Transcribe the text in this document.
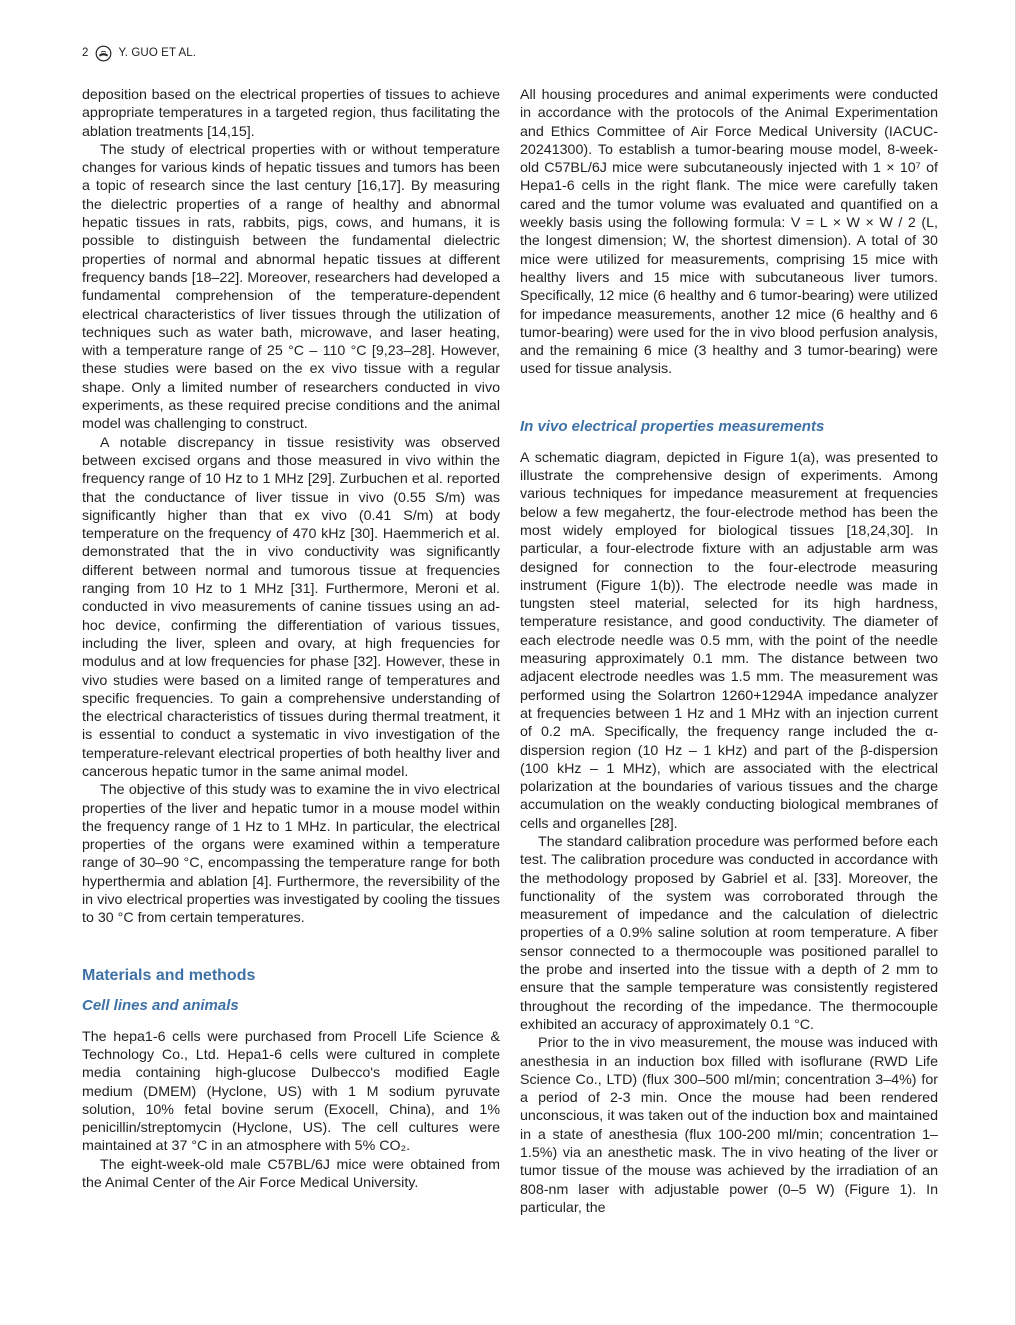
2	Y. GUO ET AL.

deposition based on the electrical properties of tissues to achieve appropriate temperatures in a targeted region, thus facilitating the ablation treatments [14,15].

The study of electrical properties with or without temperature changes for various kinds of hepatic tissues and tumors has been a topic of research since the last century [16,17]. By measuring the dielectric properties of a range of healthy and abnormal hepatic tissues in rats, rabbits, pigs, cows, and humans, it is possible to distinguish between the fundamental dielectric properties of normal and abnormal hepatic tissues at different frequency bands [18–22]. Moreover, researchers had developed a fundamental comprehension of the temperature-dependent electrical characteristics of liver tissues through the utilization of techniques such as water bath, microwave, and laser heating, with a temperature range of 25 °C – 110 °C [9,23–28]. However, these studies were based on the ex vivo tissue with a regular shape. Only a limited number of researchers conducted in vivo experiments, as these required precise conditions and the animal model was challenging to construct.

A notable discrepancy in tissue resistivity was observed between excised organs and those measured in vivo within the frequency range of 10 Hz to 1 MHz [29]. Zurbuchen et al. reported that the conductance of liver tissue in vivo (0.55 S/m) was significantly higher than that ex vivo (0.41 S/m) at body temperature on the frequency of 470 kHz [30]. Haemmerich et al. demonstrated that the in vivo conductivity was significantly different between normal and tumorous tissue at frequencies ranging from 10 Hz to 1 MHz [31]. Furthermore, Meroni et al. conducted in vivo measurements of canine tissues using an ad-hoc device, confirming the differentiation of various tissues, including the liver, spleen and ovary, at high frequencies for modulus and at low frequencies for phase [32]. However, these in vivo studies were based on a limited range of temperatures and specific frequencies. To gain a comprehensive understanding of the electrical characteristics of tissues during thermal treatment, it is essential to conduct a systematic in vivo investigation of the temperature-relevant electrical properties of both healthy liver and cancerous hepatic tumor in the same animal model.

The objective of this study was to examine the in vivo electrical properties of the liver and hepatic tumor in a mouse model within the frequency range of 1 Hz to 1 MHz. In particular, the electrical properties of the organs were examined within a temperature range of 30–90 °C, encompassing the temperature range for both hyperthermia and ablation [4]. Furthermore, the reversibility of the in vivo electrical properties was investigated by cooling the tissues to 30 °C from certain temperatures.

Materials and methods
Cell lines and animals

The hepa1-6 cells were purchased from Procell Life Science & Technology Co., Ltd. Hepa1-6 cells were cultured in complete media containing high-glucose Dulbecco's modified Eagle medium (DMEM) (Hyclone, US) with 1 M sodium pyruvate solution, 10% fetal bovine serum (Exocell, China), and 1% penicillin/streptomycin (Hyclone, US). The cell cultures were maintained at 37 °C in an atmosphere with 5% CO₂.

The eight-week-old male C57BL/6J mice were obtained from the Animal Center of the Air Force Medical University.

All housing procedures and animal experiments were conducted in accordance with the protocols of the Animal Experimentation and Ethics Committee of Air Force Medical University (IACUC-20241300). To establish a tumor-bearing mouse model, 8-week-old C57BL/6J mice were subcutaneously injected with 1 × 10⁷ of Hepa1-6 cells in the right flank. The mice were carefully taken cared and the tumor volume was evaluated and quantified on a weekly basis using the following formula: V = L × W × W / 2 (L, the longest dimension; W, the shortest dimension). A total of 30 mice were utilized for measurements, comprising 15 mice with healthy livers and 15 mice with subcutaneous liver tumors. Specifically, 12 mice (6 healthy and 6 tumor-bearing) were utilized for impedance measurements, another 12 mice (6 healthy and 6 tumor-bearing) were used for the in vivo blood perfusion analysis, and the remaining 6 mice (3 healthy and 3 tumor-bearing) were used for tissue analysis.

In vivo electrical properties measurements

A schematic diagram, depicted in Figure 1(a), was presented to illustrate the comprehensive design of experiments. Among various techniques for impedance measurement at frequencies below a few megahertz, the four-electrode method has been the most widely employed for biological tissues [18,24,30]. In particular, a four-electrode fixture with an adjustable arm was designed for connection to the four-electrode measuring instrument (Figure 1(b)). The electrode needle was made in tungsten steel material, selected for its high hardness, temperature resistance, and good conductivity. The diameter of each electrode needle was 0.5 mm, with the point of the needle measuring approximately 0.1 mm. The distance between two adjacent electrode needles was 1.5 mm. The measurement was performed using the Solartron 1260+1294A impedance analyzer at frequencies between 1 Hz and 1 MHz with an injection current of 0.2 mA. Specifically, the frequency range included the α-dispersion region (10 Hz – 1 kHz) and part of the β-dispersion (100 kHz – 1 MHz), which are associated with the electrical polarization at the boundaries of various tissues and the charge accumulation on the weakly conducting biological membranes of cells and organelles [28].

The standard calibration procedure was performed before each test. The calibration procedure was conducted in accordance with the methodology proposed by Gabriel et al. [33]. Moreover, the functionality of the system was corroborated through the measurement of impedance and the calculation of dielectric properties of a 0.9% saline solution at room temperature. A fiber sensor connected to a thermocouple was positioned parallel to the probe and inserted into the tissue with a depth of 2 mm to ensure that the sample temperature was consistently registered throughout the recording of the impedance. The thermocouple exhibited an accuracy of approximately 0.1 °C.

Prior to the in vivo measurement, the mouse was induced with anesthesia in an induction box filled with isoflurane (RWD Life Science Co., LTD) (flux 300–500 ml/min; concentration 3–4%) for a period of 2-3 min. Once the mouse had been rendered unconscious, it was taken out of the induction box and maintained in a state of anesthesia (flux 100-200 ml/min; concentration 1–1.5%) via an anesthetic mask. The in vivo heating of the liver or tumor tissue of the mouse was achieved by the irradiation of an 808-nm laser with adjustable power (0–5 W) (Figure 1). In particular, the
